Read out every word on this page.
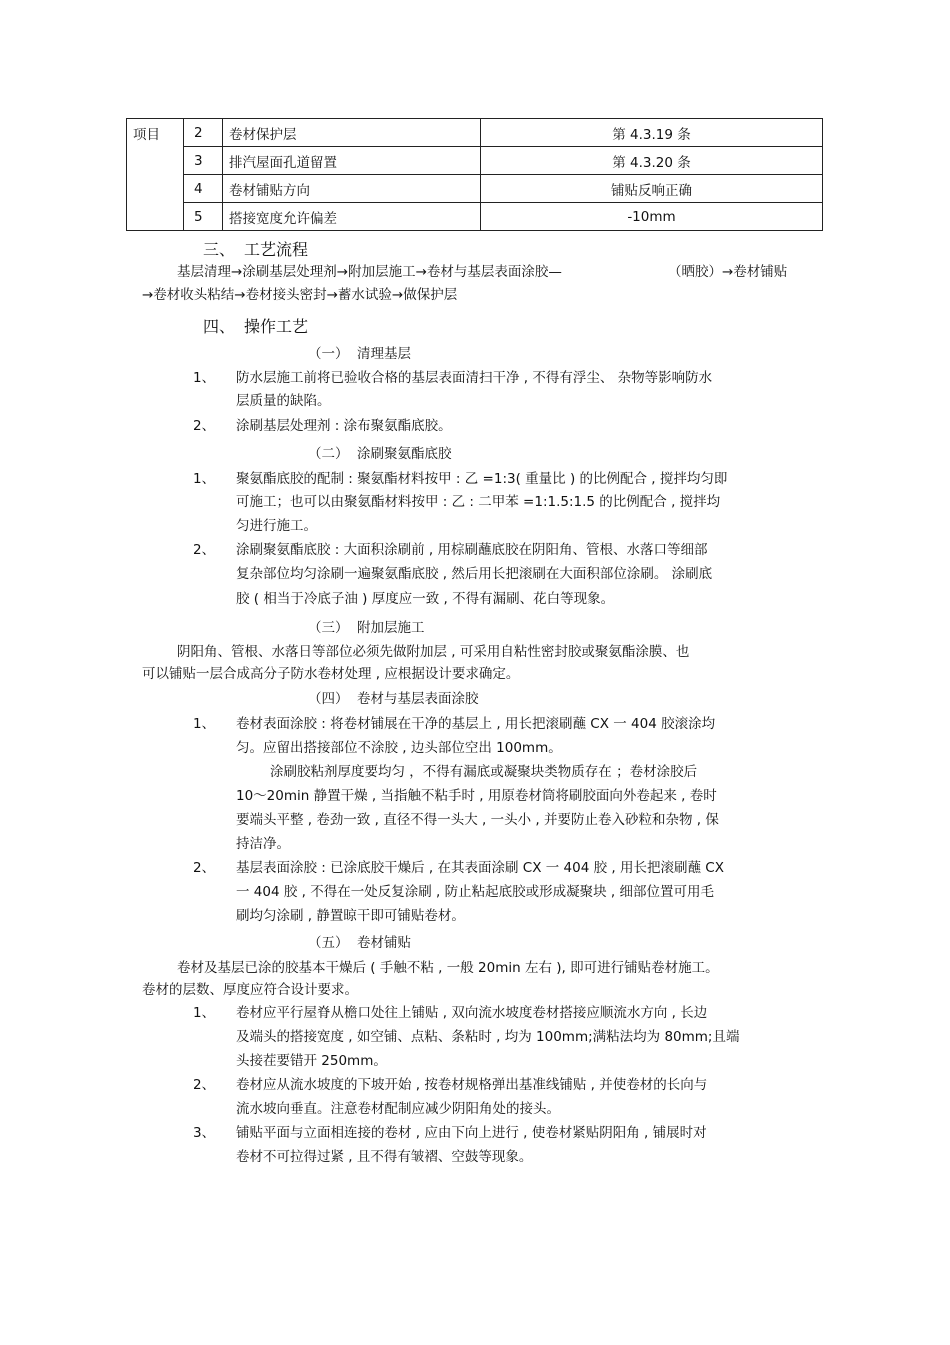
项目	2	卷材保护层	第 4.3.19 条
	3	排汽屋面孔道留置	第 4.3.20 条
	4	卷材铺贴方向	铺贴反响正确
	5	搭接宽度允许偏差	-10mm
三、 工艺流程
基层清理→涂刷基层处理剂→附加层施工→卷材与基层表面涂胶—	（晒胶）→卷材铺贴
→卷材收头粘结→卷材接头密封→蓄水试验→做保护层
四、 操作工艺
（一） 清理基层
1、 防水层施工前将已验收合格的基层表面清扫干净 , 不得有浮尘、 杂物等影响防水
层质量的缺陷。
2、 涂刷基层处理剂 : 涂布聚氨酯底胶。
（二） 涂刷聚氨酯底胶
1、 聚氨酯底胶的配制 : 聚氨酯材料按甲 : 乙 =1:3( 重量比 ) 的比例配合 , 搅拌均匀即
可施工；也可以由聚氨酯材料按甲 : 乙 : 二甲苯 =1:1.5:1.5 的比例配合 , 搅拌均
匀进行施工。
2、 涂刷聚氨酯底胶 : 大面积涂刷前 , 用棕刷蘸底胶在阴阳角、管根、水落口等细部
复杂部位均匀涂刷一遍聚氨酯底胶 , 然后用长把滚刷在大面积部位涂刷。 涂刷底
胶 ( 相当于冷底子油 ) 厚度应一致 , 不得有漏刷、花白等现象。
（三） 附加层施工
阴阳角、管根、水落日等部位必须先做附加层 , 可采用自粘性密封胶或聚氨酯涂膜、也
可以铺贴一层合成高分子防水卷材处理 , 应根据设计要求确定。
（四） 卷材与基层表面涂胶
1、 卷材表面涂胶 : 将卷材铺展在干净的基层上 , 用长把滚刷蘸 CX 一 404 胶滚涂均
匀。应留出搭接部位不涂胶 , 边头部位空出 100mm。
涂刷胶粘剂厚度要均匀 ，不得有漏底或凝聚块类物质存在 ；卷材涂胶后
10～20min 静置干燥 , 当指触不粘手时 , 用原卷材筒将刷胶面向外卷起来 , 卷时
要端头平整 , 卷劲一致 , 直径不得一头大 , 一头小 , 并要防止卷入砂粒和杂物 , 保
持洁净。
2、 基层表面涂胶 : 已涂底胶干燥后 , 在其表面涂刷 CX 一 404 胶 , 用长把滚刷蘸 CX
一 404 胶 , 不得在一处反复涂刷 , 防止粘起底胶或形成凝聚块 , 细部位置可用毛
刷均匀涂刷 , 静置晾干即可铺贴卷材。
（五） 卷材铺贴
卷材及基层已涂的胶基本干燥后 ( 手触不粘 , 一般 20min 左右 ), 即可进行铺贴卷材施工。
卷材的层数、厚度应符合设计要求。
1、 卷材应平行屋脊从檐口处往上铺贴 , 双向流水坡度卷材搭接应顺流水方向 , 长边
及端头的搭接宽度 , 如空铺、点粘、条粘时 , 均为 100mm;满粘法均为 80mm;且端
头接茬要错开 250mm。
2、 卷材应从流水坡度的下坡开始 , 按卷材规格弹出基准线铺贴 , 并使卷材的长向与
流水坡向垂直。注意卷材配制应减少阴阳角处的接头。
3、 铺贴平面与立面相连接的卷材 , 应由下向上进行 , 使卷材紧贴阴阳角 , 铺展时对
卷材不可拉得过紧 , 且不得有皱褶、空鼓等现象。
